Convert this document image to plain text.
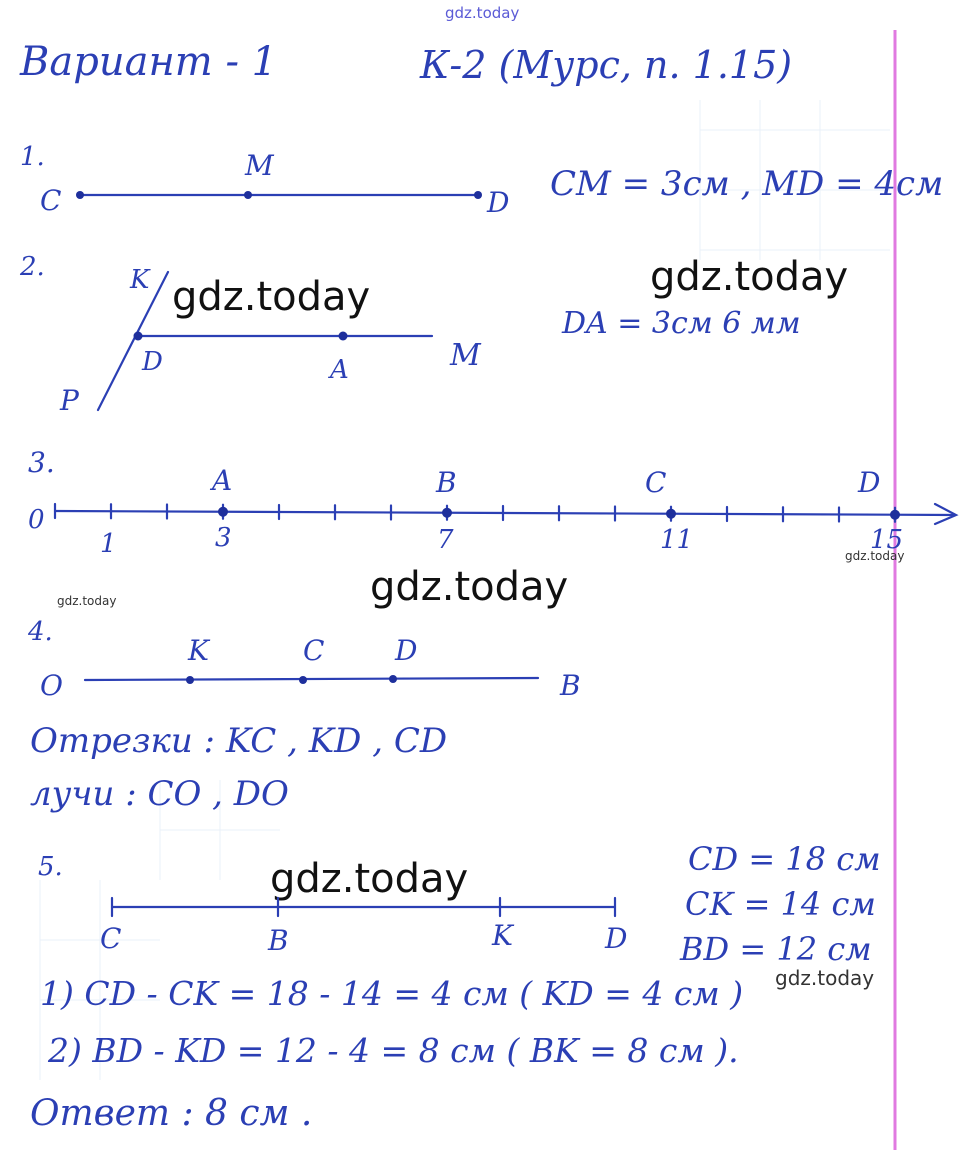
gdz.today
gdz.today	gdz.today
gdz.today
gdz.today
gdz.today
gdz.today
gdz.today
Вариант - 1	К-2 (Мурс, п. 1.15)
1.
C
M
D CM = 3см , MD = 4см
2.	K
D	A	M
P
DA = 3см 6 мм
3.
0
1	3	7	11	15
A	B	C	D
4.
O
K	C	D
B
Отрезки : KC , KD , CD
лучи : CO , DO
5.
C	B	K	D
CD = 18 см
CK = 14 см
BD = 12 см
1) CD - CK = 18 - 14 = 4 см ( KD = 4 см )
2) BD - KD = 12 - 4 = 8 см ( BK = 8 см ).
Ответ : 8 см .
